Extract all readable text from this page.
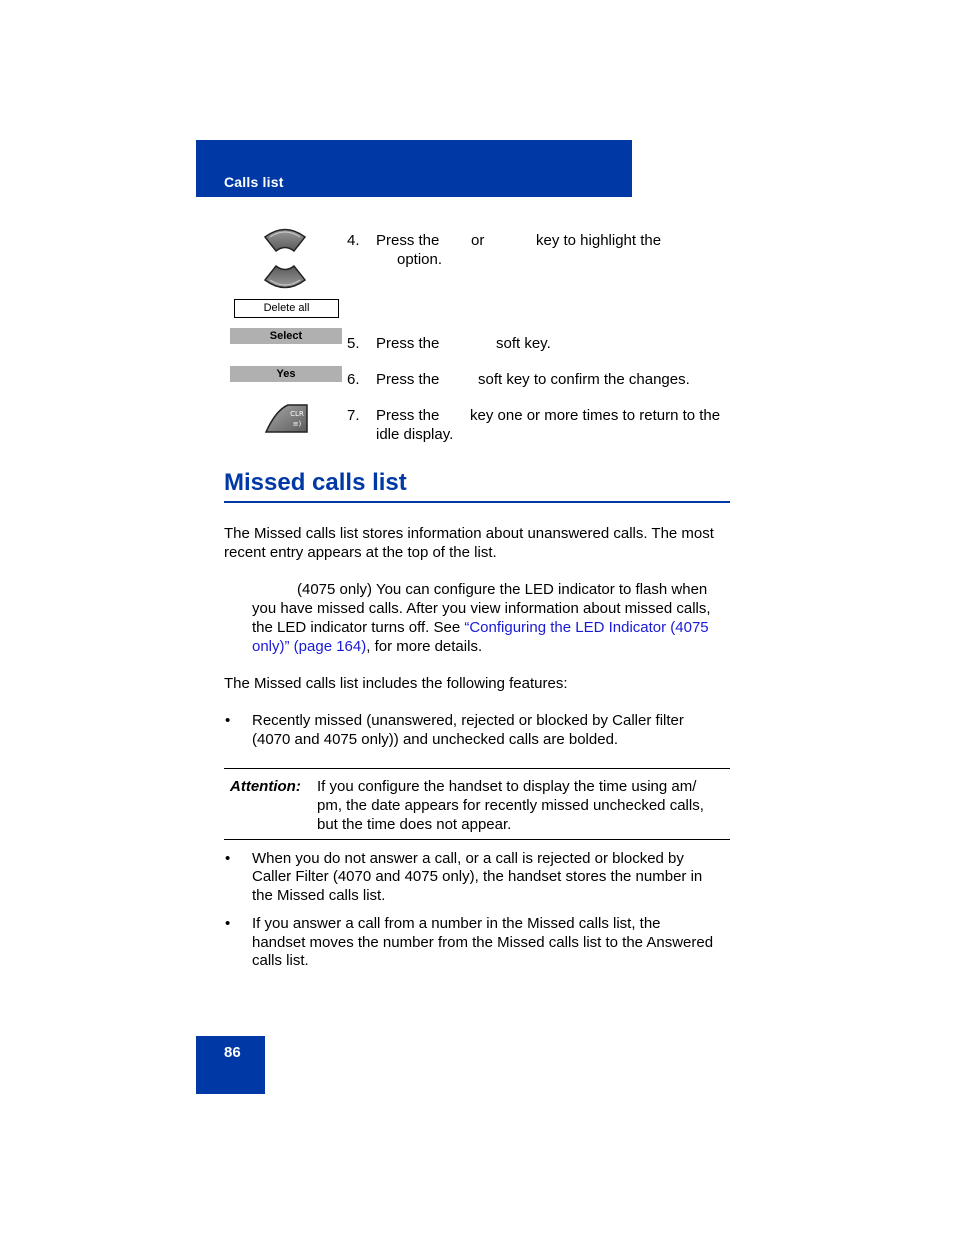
Calls list
Delete all
Select
Yes
CLR
≡)
4. Press the or	key to highlight the
option.
5. Press the	soft key.
6. Press the	soft key to confirm the changes.
7. Press the key one or more times to return to the
idle display.
Missed calls list
The Missed calls list stores information about unanswered calls. The most
recent entry appears at the top of the list.
(4075 only) You can configure the LED indicator to flash when
you have missed calls. After you view information about missed calls,
the LED indicator turns off. See “Configuring the LED Indicator (4075
only)” (page 164), for more details.
The Missed calls list includes the following features:
• Recently missed (unanswered, rejected or blocked by Caller filter
(4070 and 4075 only)) and unchecked calls are bolded.
Attention: If you configure the handset to display the time using am/
pm, the date appears for recently missed unchecked calls,
but the time does not appear.
• When you do not answer a call, or a call is rejected or blocked by
Caller Filter (4070 and 4075 only), the handset stores the number in
the Missed calls list.
• If you answer a call from a number in the Missed calls list, the
handset moves the number from the Missed calls list to the Answered
calls list.
86
